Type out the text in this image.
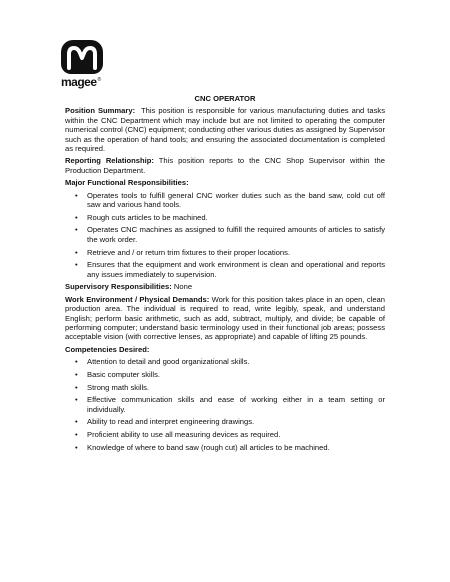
magee®
CNC OPERATOR

Position Summary: This position is responsible for various manufacturing duties and tasks within the CNC Department which may include but are not limited to operating the computer numerical control (CNC) equipment; conducting other various duties as assigned by Supervisor such as the operation of hand tools; and ensuring the associated documentation is completed as required.

Reporting Relationship: This position reports to the CNC Shop Supervisor within the Production Department.

Major Functional Responsibilities:
• Operates tools to fulfill general CNC worker duties such as the band saw, cold cut off saw and various hand tools.
• Rough cuts articles to be machined.
• Operates CNC machines as assigned to fulfill the required amounts of articles to satisfy the work order.
• Retrieve and / or return trim fixtures to their proper locations.
• Ensures that the equipment and work environment is clean and operational and reports any issues immediately to supervision.

Supervisory Responsibilities: None

Work Environment / Physical Demands: Work for this position takes place in an open, clean production area. The individual is required to read, write legibly, speak, and understand English; perform basic arithmetic, such as add, subtract, multiply, and divide; be capable of performing computer; understand basic terminology used in their functional job areas; possess acceptable vision (with corrective lenses, as appropriate) and capable of lifting 25 pounds.

Competencies Desired:
• Attention to detail and good organizational skills.
• Basic computer skills.
• Strong math skills.
• Effective communication skills and ease of working either in a team setting or individually.
• Ability to read and interpret engineering drawings.
• Proficient ability to use all measuring devices as required.
• Knowledge of where to band saw (rough cut) all articles to be machined.
